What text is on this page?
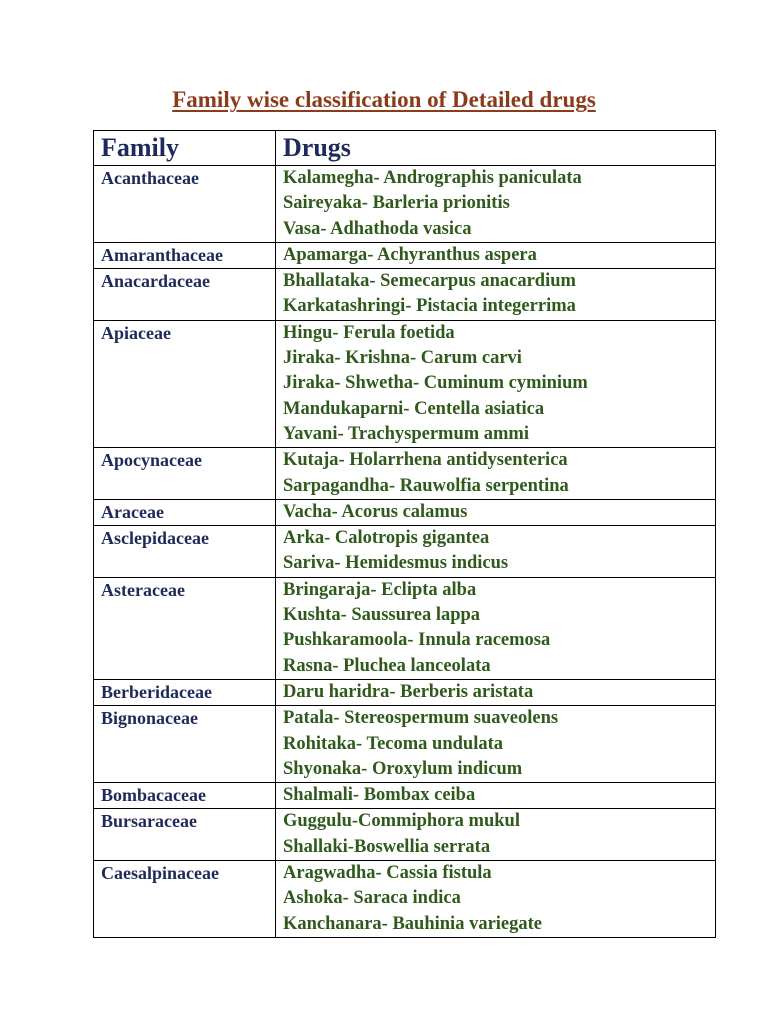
Family wise classification of Detailed drugs
Family	Drugs
Acanthaceae	Kalamegha- Andrographis paniculata
Saireyaka- Barleria prionitis
Vasa- Adhathoda vasica

Amaranthaceae	Apamarga- Achyranthus aspera

Anacardaceae	Bhallataka- Semecarpus anacardium
Karkatashringi- Pistacia integerrima

Apiaceae	Hingu- Ferula foetida
Jiraka- Krishna- Carum carvi
Jiraka- Shwetha- Cuminum cyminium
Mandukaparni- Centella asiatica
Yavani- Trachyspermum ammi

Apocynaceae	Kutaja- Holarrhena antidysenterica
Sarpagandha- Rauwolfia serpentina

Araceae	Vacha- Acorus calamus

Asclepidaceae	Arka- Calotropis gigantea
Sariva- Hemidesmus indicus

Asteraceae	Bringaraja- Eclipta alba
Kushta- Saussurea lappa
Pushkaramoola- Innula racemosa
Rasna- Pluchea lanceolata

Berberidaceae	Daru haridra- Berberis aristata

Bignonaceae	Patala- Stereospermum suaveolens
Rohitaka- Tecoma undulata
Shyonaka- Oroxylum indicum

Bombacaceae	Shalmali- Bombax ceiba

Bursaraceae	Guggulu-Commiphora mukul
Shallaki-Boswellia serrata

Caesalpinaceae	Aragwadha- Cassia fistula
Ashoka- Saraca indica
Kanchanara- Bauhinia variegate
